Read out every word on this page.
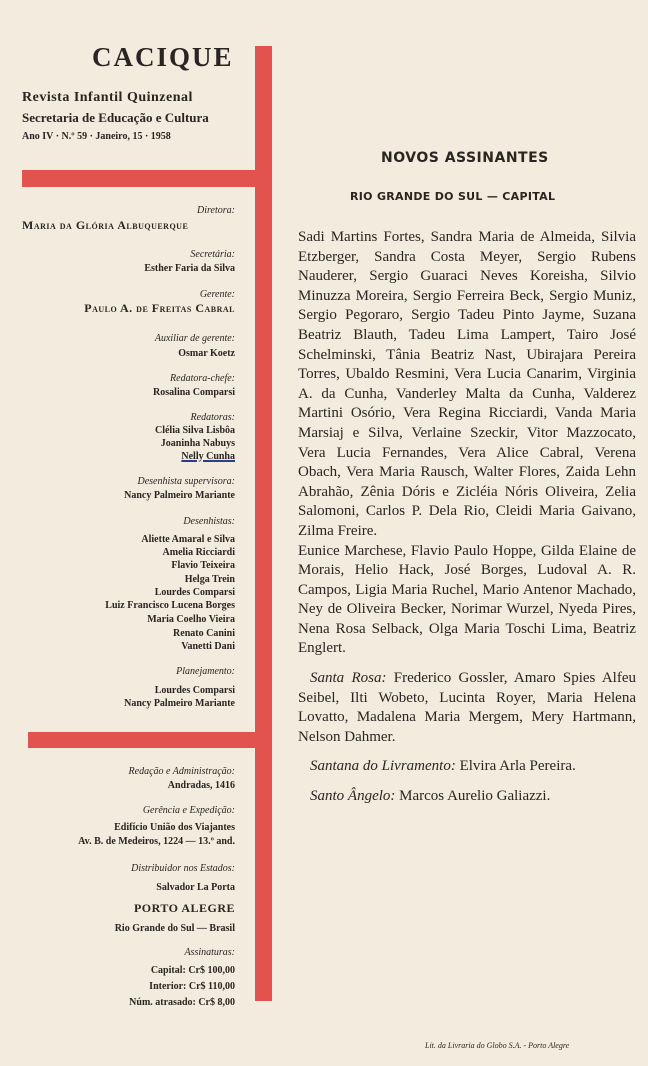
CACIQUE
Revista Infantil Quinzenal
Secretaria de Educação e Cultura
Ano IV · N.º 59 · Janeiro, 15 · 1958
Diretora:
Maria da Glória Albuquerque
Secretária:
Esther Faria da Silva
Gerente:
Paulo A. de Freitas Cabral
Auxiliar de gerente:
Osmar Koetz
Redatora-chefe:
Rosalina Comparsi
Redatoras:
Clélia Silva Lisbôa
Joaninha Nabuys
Nelly Cunha
Desenhista supervisora:
Nancy Palmeiro Mariante
Desenhistas:
Aliette Amaral e Silva
Amelia Ricciardi
Flavio Teixeira
Helga Trein
Lourdes Comparsi
Luiz Francisco Lucena Borges
Maria Coelho Vieira
Renato Canini
Vanetti Dani
Planejamento:
Lourdes Comparsi
Nancy Palmeiro Mariante
Redação e Administração:
Andradas, 1416
Gerência e Expedição:
Edifício União dos Viajantes
Av. B. de Medeiros, 1224 — 13.º and.
Distribuidor nos Estados:
Salvador La Porta
PORTO ALEGRE
Rio Grande do Sul — Brasil
Assinaturas:
Capital: Cr$ 100,00
Interior: Cr$ 110,00
Núm. atrasado: Cr$ 8,00
NOVOS ASSINANTES
RIO GRANDE DO SUL — CAPITAL

Sadi Martins Fortes, Sandra Maria de Almeida, Silvia Etzberger, Sandra Costa Meyer, Sergio Rubens Nauderer, Sergio Guaraci Neves Koreisha, Silvio Minuzza Moreira, Sergio Ferreira Beck, Sergio Muniz, Sergio Pegoraro, Sergio Tadeu Pinto Jayme, Suzana Beatriz Blauth, Tadeu Lima Lampert, Tairo José Schelminski, Tânia Beatriz Nast, Ubirajara Pereira Torres, Ubaldo Resmini, Vera Lucia Canarim, Virginia A. da Cunha, Vanderley Malta da Cunha, Valderez Martini Osório, Vera Regina Ricciardi, Vanda Maria Marsiaj e Silva, Verlaine Szeckir, Vitor Mazzocato, Vera Lucia Fernandes, Vera Alice Cabral, Verena Obach, Vera Maria Rausch, Walter Flores, Zaida Lehn Abrahão, Zênia Dóris e Zicléia Nóris Oliveira, Zelia Salomoni, Carlos P. Dela Rio, Cleidi Maria Gaivano, Zilma Freire.

Eunice Marchese, Flavio Paulo Hoppe, Gilda Elaine de Morais, Helio Hack, José Borges, Ludoval A. R. Campos, Ligia Maria Ruchel, Mario Antenor Machado, Ney de Oliveira Becker, Norimar Wurzel, Nyeda Pires, Nena Rosa Selback, Olga Maria Toschi Lima, Beatriz Englert.

Santa Rosa: Frederico Gossler, Amaro Spies Alfeu Seibel, Ilti Wobeto, Lucinta Royer, Maria Helena Lovatto, Madalena Maria Mergem, Mery Hartmann, Nelson Dahmer.

Santana do Livramento: Elvira Arla Pereira.

Santo Ângelo: Marcos Aurelio Galiazzi.

Lit. da Livraria do Globo S.A. - Porto Alegre
